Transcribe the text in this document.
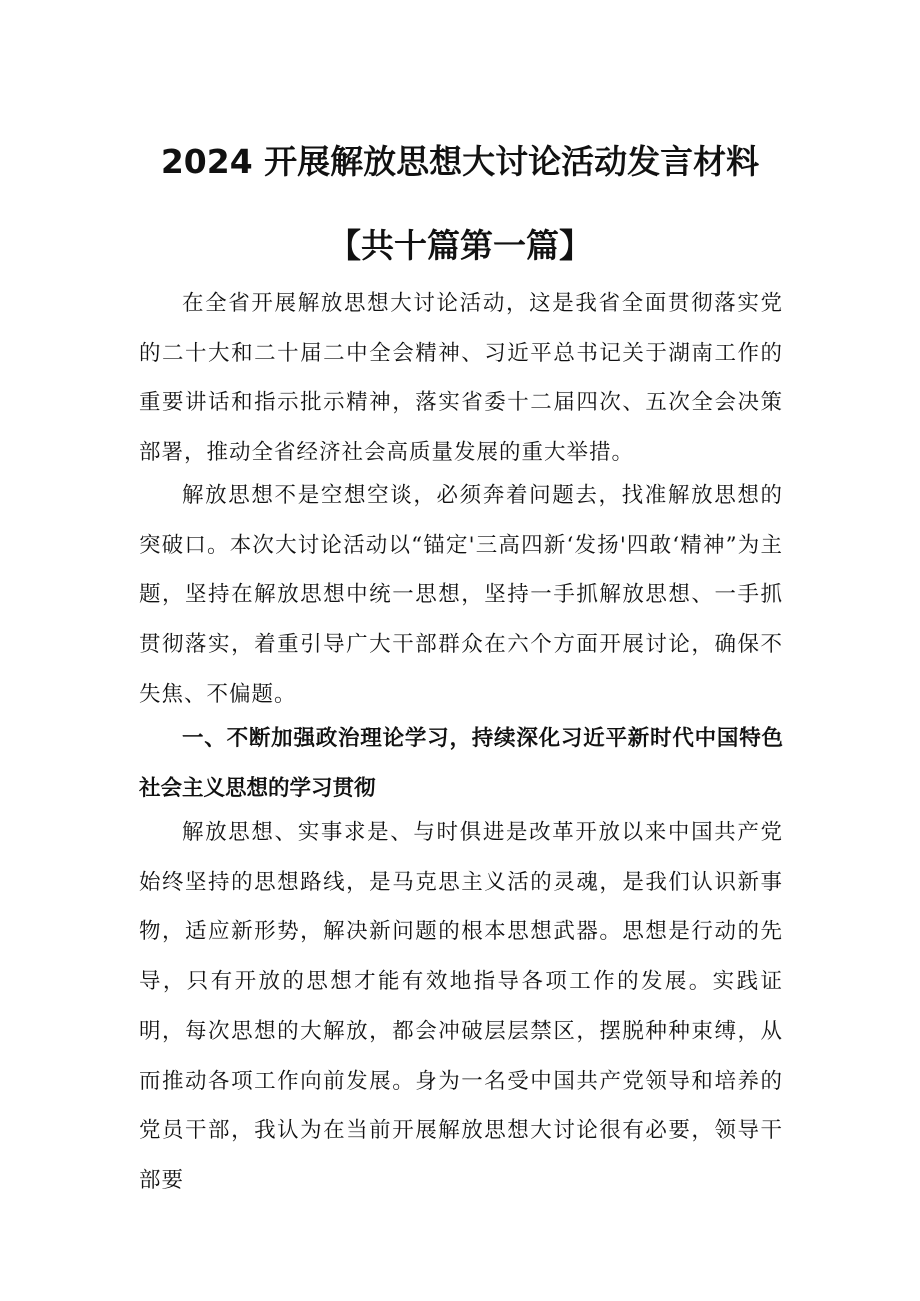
2024 开展解放思想大讨论活动发言材料
【共十篇第一篇】

在全省开展解放思想大讨论活动，这是我省全面贯彻落实党的二十大和二十届二中全会精神、习近平总书记关于湖南工作的重要讲话和指示批示精神，落实省委十二届四次、五次全会决策部署，推动全省经济社会高质量发展的重大举措。

解放思想不是空想空谈，必须奔着问题去，找准解放思想的突破口。本次大讨论活动以“锚定'三高四新‘发扬'四敢‘精神”为主题，坚持在解放思想中统一思想，坚持一手抓解放思想、一手抓贯彻落实，着重引导广大干部群众在六个方面开展讨论，确保不失焦、不偏题。

一、不断加强政治理论学习，持续深化习近平新时代中国特色社会主义思想的学习贯彻

解放思想、实事求是、与时俱进是改革开放以来中国共产党始终坚持的思想路线，是马克思主义活的灵魂，是我们认识新事物，适应新形势，解决新问题的根本思想武器。思想是行动的先导，只有开放的思想才能有效地指导各项工作的发展。实践证明，每次思想的大解放，都会冲破层层禁区，摆脱种种束缚，从而推动各项工作向前发展。身为一名受中国共产党领导和培养的党员干部，我认为在当前开展解放思想大讨论很有必要，领导干部要
